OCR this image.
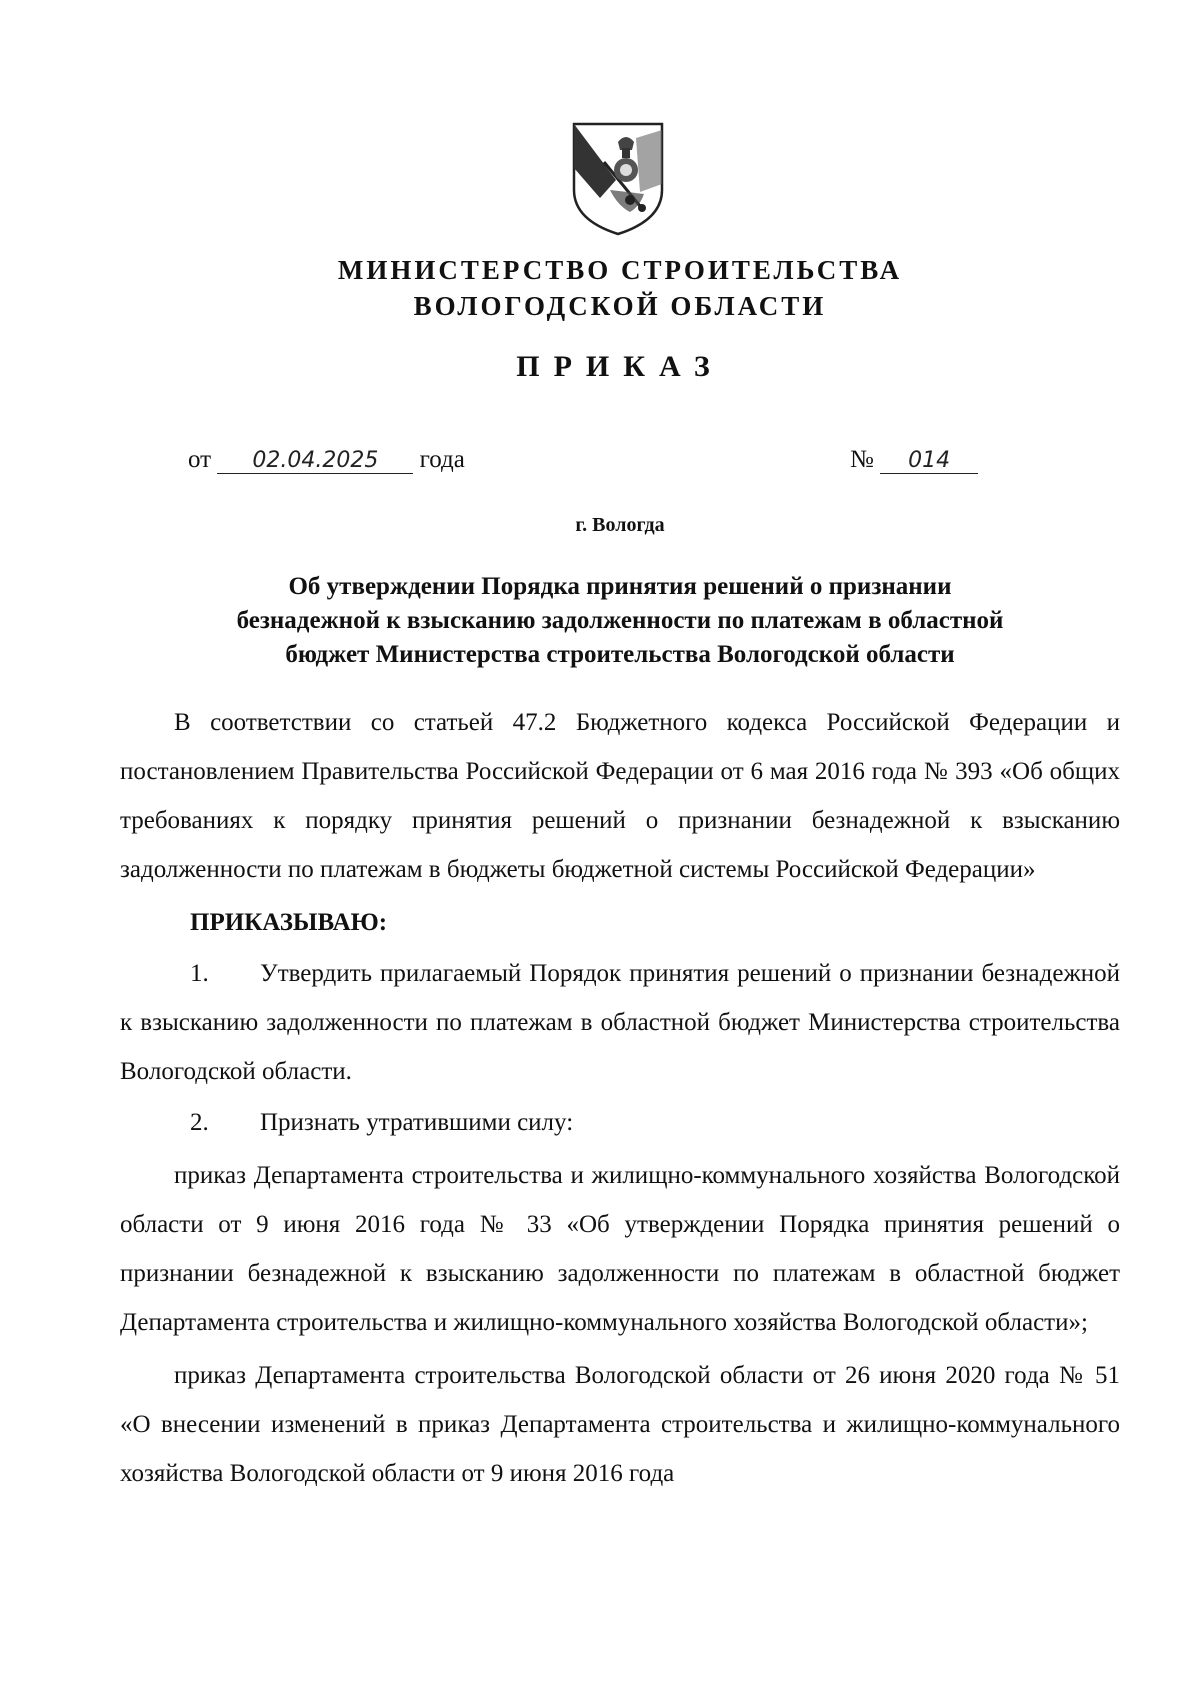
МИНИСТЕРСТВО СТРОИТЕЛЬСТВА
ВОЛОГОДСКОЙ ОБЛАСТИ
ПРИКАЗ
от 02.04.2025 года	№ 014
г. Вологда
Об утверждении Порядка принятия решений о признании
безнадежной к взысканию задолженности по платежам в областной
бюджет Министерства строительства Вологодской области

В соответствии со статьей 47.2 Бюджетного кодекса Российской Федерации и постановлением Правительства Российской Федерации от 6 мая 2016 года № 393 «Об общих требованиях к порядку принятия решений о признании безнадежной к взысканию задолженности по платежам в бюджеты бюджетной системы Российской Федерации»

ПРИКАЗЫВАЮ:

1. Утвердить прилагаемый Порядок принятия решений о признании безнадежной к взысканию задолженности по платежам в областной бюджет Министерства строительства Вологодской области.

2. Признать утратившими силу:

приказ Департамента строительства и жилищно-коммунального хозяйства Вологодской области от 9 июня 2016 года № 33 «Об утверждении Порядка принятия решений о признании безнадежной к взысканию задолженности по платежам в областной бюджет Департамента строительства и жилищно-коммунального хозяйства Вологодской области»;

приказ Департамента строительства Вологодской области от 26 июня 2020 года № 51 «О внесении изменений в приказ Департамента строительства и жилищно-коммунального хозяйства Вологодской области от 9 июня 2016 года
